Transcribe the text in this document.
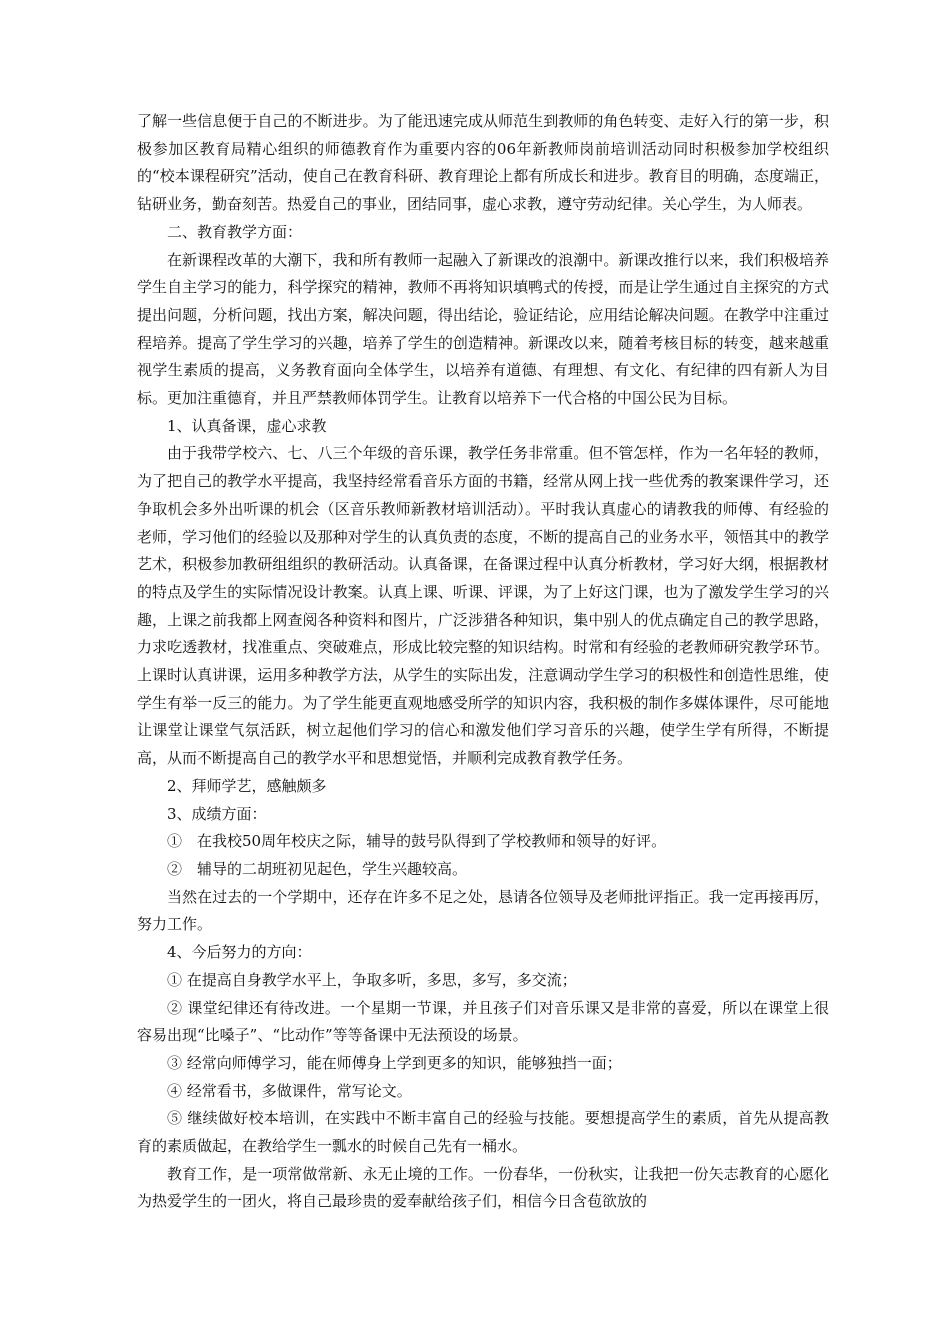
了解一些信息便于自己的不断进步。为了能迅速完成从师范生到教师的角色转变、走好入行的第一步，积极参加区教育局精心组织的师德教育作为重要内容的06年新教师岗前培训活动同时积极参加学校组织的“校本课程研究”活动，使自己在教育科研、教育理论上都有所成长和进步。教育目的明确，态度端正，钻研业务，勤奋刻苦。热爱自己的事业，团结同事，虚心求教，遵守劳动纪律。关心学生，为人师表。

二、教育教学方面：

在新课程改革的大潮下，我和所有教师一起融入了新课改的浪潮中。新课改推行以来，我们积极培养学生自主学习的能力，科学探究的精神，教师不再将知识填鸭式的传授，而是让学生通过自主探究的方式提出问题，分析问题，找出方案，解决问题，得出结论，验证结论，应用结论解决问题。在教学中注重过程培养。提高了学生学习的兴趣，培养了学生的创造精神。新课改以来，随着考核目标的转变，越来越重视学生素质的提高，义务教育面向全体学生，以培养有道德、有理想、有文化、有纪律的四有新人为目标。更加注重德育，并且严禁教师体罚学生。让教育以培养下一代合格的中国公民为目标。

1、认真备课，虚心求教

由于我带学校六、七、八三个年级的音乐课，教学任务非常重。但不管怎样，作为一名年轻的教师，为了把自己的教学水平提高，我坚持经常看音乐方面的书籍，经常从网上找一些优秀的教案课件学习，还争取机会多外出听课的机会（区音乐教师新教材培训活动）。平时我认真虚心的请教我的师傅、有经验的老师，学习他们的经验以及那种对学生的认真负责的态度，不断的提高自己的业务水平，领悟其中的教学艺术，积极参加教研组组织的教研活动。认真备课，在备课过程中认真分析教材，学习好大纲，根据教材的特点及学生的实际情况设计教案。认真上课、听课、评课，为了上好这门课，也为了激发学生学习的兴趣，上课之前我都上网查阅各种资料和图片，广泛涉猎各种知识，集中别人的优点确定自己的教学思路，力求吃透教材，找准重点、突破难点，形成比较完整的知识结构。时常和有经验的老教师研究教学环节。上课时认真讲课，运用多种教学方法，从学生的实际出发，注意调动学生学习的积极性和创造性思维，使学生有举一反三的能力。为了学生能更直观地感受所学的知识内容，我积极的制作多媒体课件，尽可能地让课堂让课堂气氛活跃，树立起他们学习的信心和激发他们学习音乐的兴趣，使学生学有所得，不断提高，从而不断提高自己的教学水平和思想觉悟，并顺利完成教育教学任务。

2、拜师学艺，感触颇多

3、成绩方面：

①　在我校50周年校庆之际，辅导的鼓号队得到了学校教师和领导的好评。

②　辅导的二胡班初见起色，学生兴趣较高。

当然在过去的一个学期中，还存在许多不足之处，恳请各位领导及老师批评指正。我一定再接再厉，努力工作。

4、今后努力的方向：

① 在提高自身教学水平上，争取多听，多思，多写，多交流；

② 课堂纪律还有待改进。一个星期一节课，并且孩子们对音乐课又是非常的喜爱，所以在课堂上很容易出现“比嗓子”、“比动作”等等备课中无法预设的场景。

③ 经常向师傅学习，能在师傅身上学到更多的知识，能够独挡一面；

④ 经常看书，多做课件，常写论文。

⑤ 继续做好校本培训，在实践中不断丰富自己的经验与技能。要想提高学生的素质，首先从提高教育的素质做起，在教给学生一瓢水的时候自己先有一桶水。

教育工作，是一项常做常新、永无止境的工作。一份春华，一份秋实，让我把一份矢志教育的心愿化为热爱学生的一团火，将自己最珍贵的爱奉献给孩子们，相信今日含苞欲放的
